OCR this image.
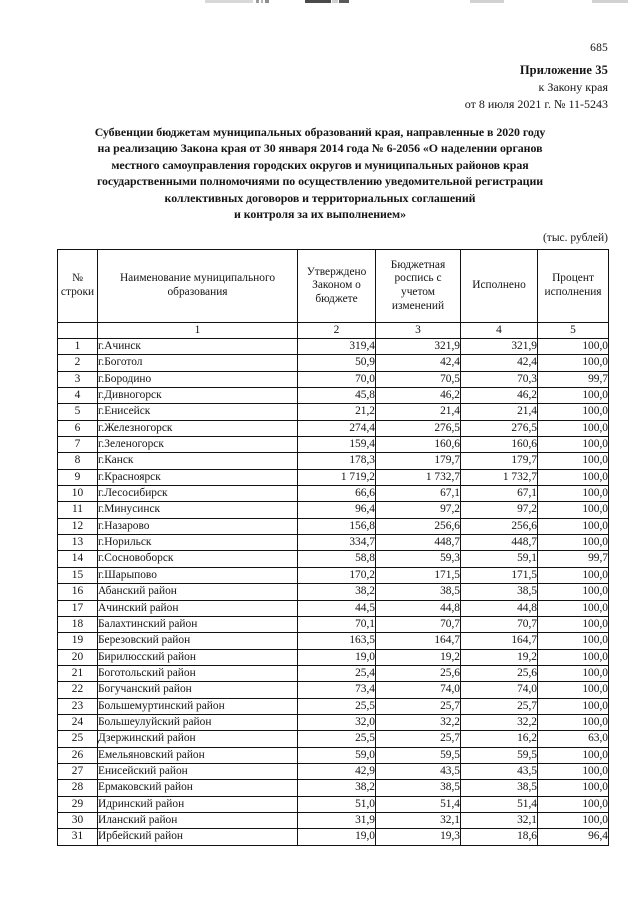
685
Приложение 35
к Закону края
от 8 июля 2021 г. № 11-5243
Субвенции бюджетам муниципальных образований края, направленные в 2020 году
на реализацию Закона края от 30 января 2014 года № 6-2056 «О наделении органов
местного самоуправления городских округов и муниципальных районов края
государственными полномочиями по осуществлению уведомительной регистрации
коллективных договоров и территориальных соглашений
и контроля за их выполнением»
(тыс. рублей)
№
строки

Наименование муниципального
образования

Утверждено
Законом о
бюджете

Бюджетная
роспись с
учетом
изменений

Исполнено

Процент
исполнения

	1	2	3	4	5
1	г.Ачинск	319,4	321,9	321,9	100,0
2	г.Боготол	50,9	42,4	42,4	100,0
3	г.Бородино	70,0	70,5	70,3	99,7
4	г.Дивногорск	45,8	46,2	46,2	100,0
5	г.Енисейск	21,2	21,4	21,4	100,0
6	г.Железногорск	274,4	276,5	276,5	100,0
7	г.Зеленогорск	159,4	160,6	160,6	100,0
8	г.Канск	178,3	179,7	179,7	100,0
9	г.Красноярск	1 719,2	1 732,7	1 732,7	100,0
10	г.Лесосибирск	66,6	67,1	67,1	100,0
11	г.Минусинск	96,4	97,2	97,2	100,0
12	г.Назарово	156,8	256,6	256,6	100,0
13	г.Норильск	334,7	448,7	448,7	100,0
14	г.Сосновоборск	58,8	59,3	59,1	99,7
15	г.Шарыпово	170,2	171,5	171,5	100,0
16	Абанский район	38,2	38,5	38,5	100,0
17	Ачинский район	44,5	44,8	44,8	100,0
18	Балахтинский район	70,1	70,7	70,7	100,0
19	Березовский район	163,5	164,7	164,7	100,0
20	Бирилюсский район	19,0	19,2	19,2	100,0
21	Боготольский район	25,4	25,6	25,6	100,0
22	Богучанский район	73,4	74,0	74,0	100,0
23	Большемуртинский район	25,5	25,7	25,7	100,0
24	Большеулуйский район	32,0	32,2	32,2	100,0
25	Дзержинский район	25,5	25,7	16,2	63,0
26	Емельяновский район	59,0	59,5	59,5	100,0
27	Енисейский район	42,9	43,5	43,5	100,0
28	Ермаковский район	38,2	38,5	38,5	100,0
29	Идринский район	51,0	51,4	51,4	100,0
30	Иланский район	31,9	32,1	32,1	100,0
31	Ирбейский район	19,0	19,3	18,6	96,4
